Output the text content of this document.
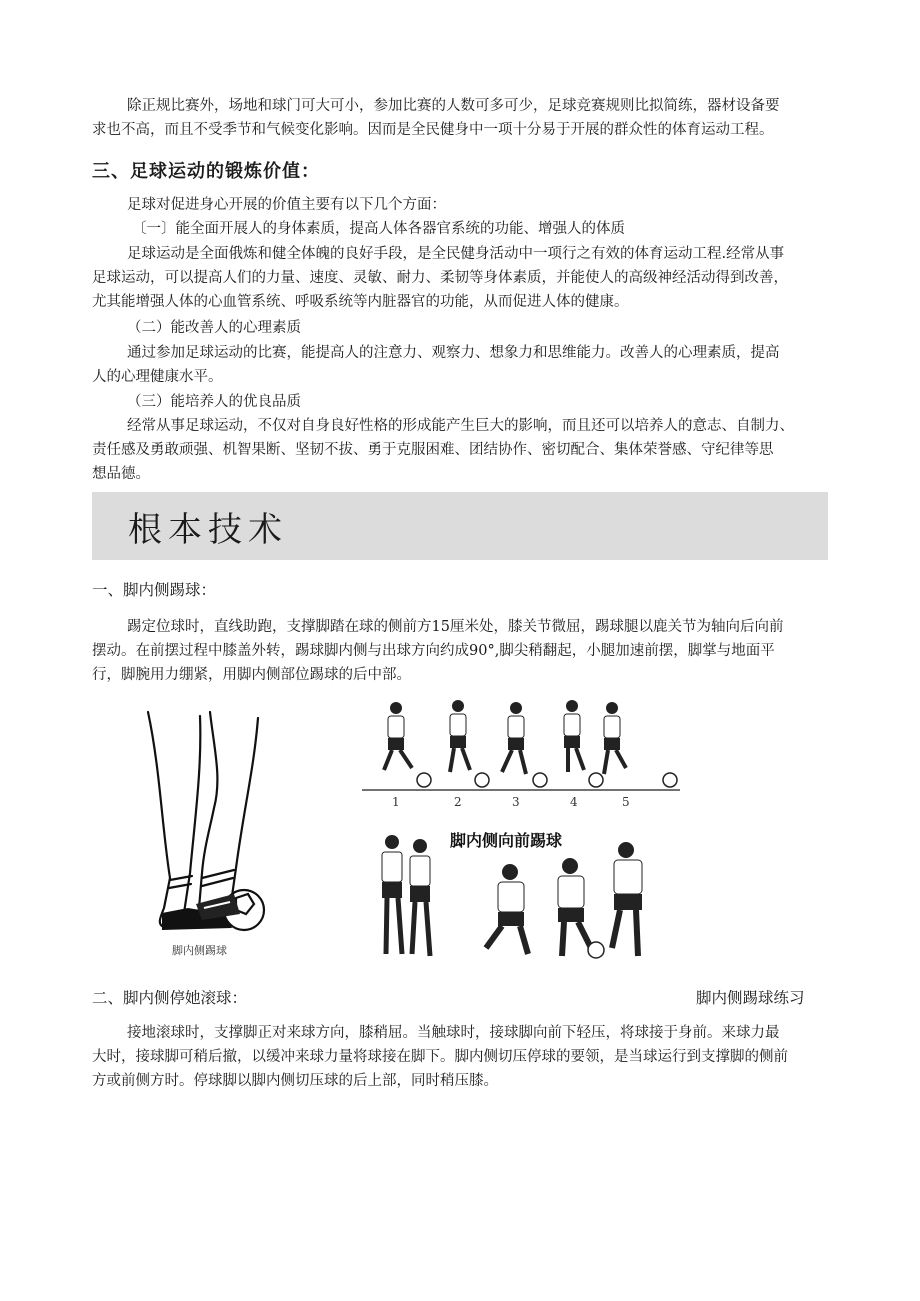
除正规比赛外，场地和球门可大可小，参加比赛的人数可多可少，足球竞赛规则比拟简练，器材设备要

求也不高，而且不受季节和气候变化影响。因而是全民健身中一项十分易于开展的群众性的体育运动工程。

三、足球运动的锻炼价值：

足球对促进身心开展的价值主要有以下几个方面：

〔一〕能全面开展人的身体素质，提高人体各器官系统的功能、增强人的体质

足球运动是全面俄炼和健全体魄的良好手段，是全民健身活动中一项行之有效的体育运动工程.经常从事

足球运动，可以提高人们的力量、速度、灵敏、耐力、柔韧等身体素质，并能使人的高级神经活动得到改善，

尤其能增强人体的心血管系统、呼吸系统等内脏器官的功能，从而促进人体的健康。

（二）能改善人的心理素质

通过参加足球运动的比赛，能提高人的注意力、观察力、想象力和思维能力。改善人的心理素质，提高

人的心理健康水平。

（三）能培养人的优良品质

经常从事足球运动，不仅对自身良好性格的形成能产生巨大的影响，而且还可以培养人的意志、自制力、

责任感及勇敢顽强、机智果断、坚韧不拔、勇于克服困难、团结协作、密切配合、集体荣誉感、守纪律等思

想品德。

根本技术

一、脚内侧踢球：

踢定位球时，直线助跑，支撑脚踏在球的侧前方15厘米处，膝关节微屈，踢球腿以鹿关节为轴向后向前

摆动。在前摆过程中膝盖外转，踢球脚内侧与出球方向约成90°,脚尖稍翻起，小腿加速前摆，脚掌与地面平

行，脚腕用力绷紧，用脚内侧部位踢球的后中部。

脚内侧踢球
1	2	3	4	5
脚内侧向前踢球

二、脚内侧停她滚球：	脚内侧踢球练习

接地滚球时，支撑脚正对来球方向，膝稍屈。当触球时，接球脚向前下轻压，将球接于身前。来球力最

大时，接球脚可稍后撤，以缓冲来球力量将球接在脚下。脚内侧切压停球的要领，是当球运行到支撑脚的侧前

方或前侧方时。停球脚以脚内侧切压球的后上部，同时稍压膝。
